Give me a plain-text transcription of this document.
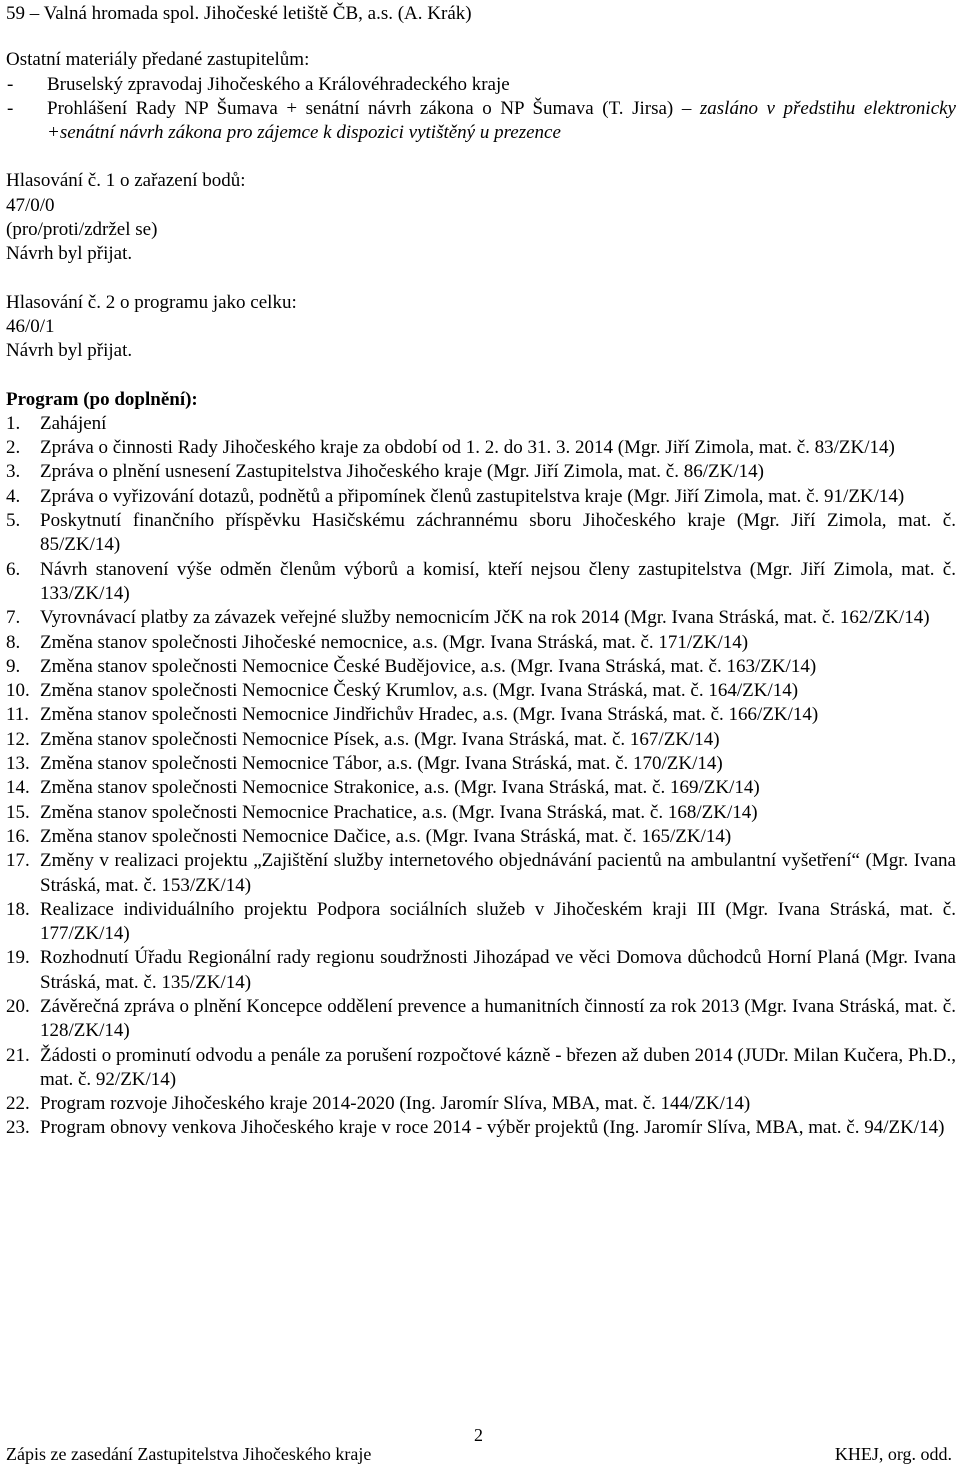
59 – Valná hromada spol. Jihočeské letiště ČB, a.s. (A. Krák)

Ostatní materiály předané zastupitelům:

-	Bruselský zpravodaj Jihočeského a Královéhradeckého kraje
-	Prohlášení Rady NP Šumava + senátní návrh zákona o NP Šumava (T. Jirsa) – zasláno v předstihu elektronicky +senátní návrh zákona pro zájemce k dispozici vytištěný u prezence

Hlasování č. 1 o zařazení bodů:

47/0/0

(pro/proti/zdržel se)

Návrh byl přijat.

Hlasování č. 2 o programu jako celku:

46/0/1

Návrh byl přijat.

Program (po doplnění):

1.	Zahájení
2.	Zpráva o činnosti Rady Jihočeského kraje za období od 1. 2. do 31. 3. 2014 (Mgr. Jiří Zimola, mat. č. 83/ZK/14)
3.	Zpráva o plnění usnesení Zastupitelstva Jihočeského kraje (Mgr. Jiří Zimola, mat. č. 86/ZK/14)
4.	Zpráva o vyřizování dotazů, podnětů a připomínek členů zastupitelstva kraje (Mgr. Jiří Zimola, mat. č. 91/ZK/14)
5.	Poskytnutí finančního příspěvku Hasičskému záchrannému sboru Jihočeského kraje (Mgr. Jiří Zimola, mat. č. 85/ZK/14)
6.	Návrh stanovení výše odměn členům výborů a komisí, kteří nejsou členy zastupitelstva (Mgr. Jiří Zimola, mat. č. 133/ZK/14)
7.	Vyrovnávací platby za závazek veřejné služby nemocnicím JčK na rok 2014 (Mgr. Ivana Stráská, mat. č. 162/ZK/14)
8.	Změna stanov společnosti Jihočeské nemocnice, a.s. (Mgr. Ivana Stráská, mat. č. 171/ZK/14)
9.	Změna stanov společnosti Nemocnice České Budějovice, a.s. (Mgr. Ivana Stráská, mat. č. 163/ZK/14)
10. Změna stanov společnosti Nemocnice Český Krumlov, a.s. (Mgr. Ivana Stráská, mat. č. 164/ZK/14)
11. Změna stanov společnosti Nemocnice Jindřichův Hradec, a.s. (Mgr. Ivana Stráská, mat. č. 166/ZK/14)
12. Změna stanov společnosti Nemocnice Písek, a.s. (Mgr. Ivana Stráská, mat. č. 167/ZK/14)
13. Změna stanov společnosti Nemocnice Tábor, a.s. (Mgr. Ivana Stráská, mat. č. 170/ZK/14)
14. Změna stanov společnosti Nemocnice Strakonice, a.s. (Mgr. Ivana Stráská, mat. č. 169/ZK/14)
15. Změna stanov společnosti Nemocnice Prachatice, a.s. (Mgr. Ivana Stráská, mat. č. 168/ZK/14)
16. Změna stanov společnosti Nemocnice Dačice, a.s. (Mgr. Ivana Stráská, mat. č. 165/ZK/14)
17. Změny v realizaci projektu „Zajištění služby internetového objednávání pacientů na ambulantní vyšetření“ (Mgr. Ivana Stráská, mat. č. 153/ZK/14)
18. Realizace individuálního projektu Podpora sociálních služeb v Jihočeském kraji III (Mgr. Ivana Stráská, mat. č. 177/ZK/14)
19. Rozhodnutí Úřadu Regionální rady regionu soudržnosti Jihozápad ve věci Domova důchodců Horní Planá (Mgr. Ivana Stráská, mat. č. 135/ZK/14)
20. Závěrečná zpráva o plnění Koncepce oddělení prevence a humanitních činností za rok 2013 (Mgr. Ivana Stráská, mat. č. 128/ZK/14)
21. Žádosti o prominutí odvodu a penále za porušení rozpočtové kázně - březen až duben 2014 (JUDr. Milan Kučera, Ph.D., mat. č. 92/ZK/14)
22. Program rozvoje Jihočeského kraje 2014-2020 (Ing. Jaromír Slíva, MBA, mat. č. 144/ZK/14)
23. Program obnovy venkova Jihočeského kraje v roce 2014 - výběr projektů (Ing. Jaromír Slíva, MBA, mat. č. 94/ZK/14)
2
Zápis ze zasedání Zastupitelstva Jihočeského kraje	KHEJ, org. odd.
